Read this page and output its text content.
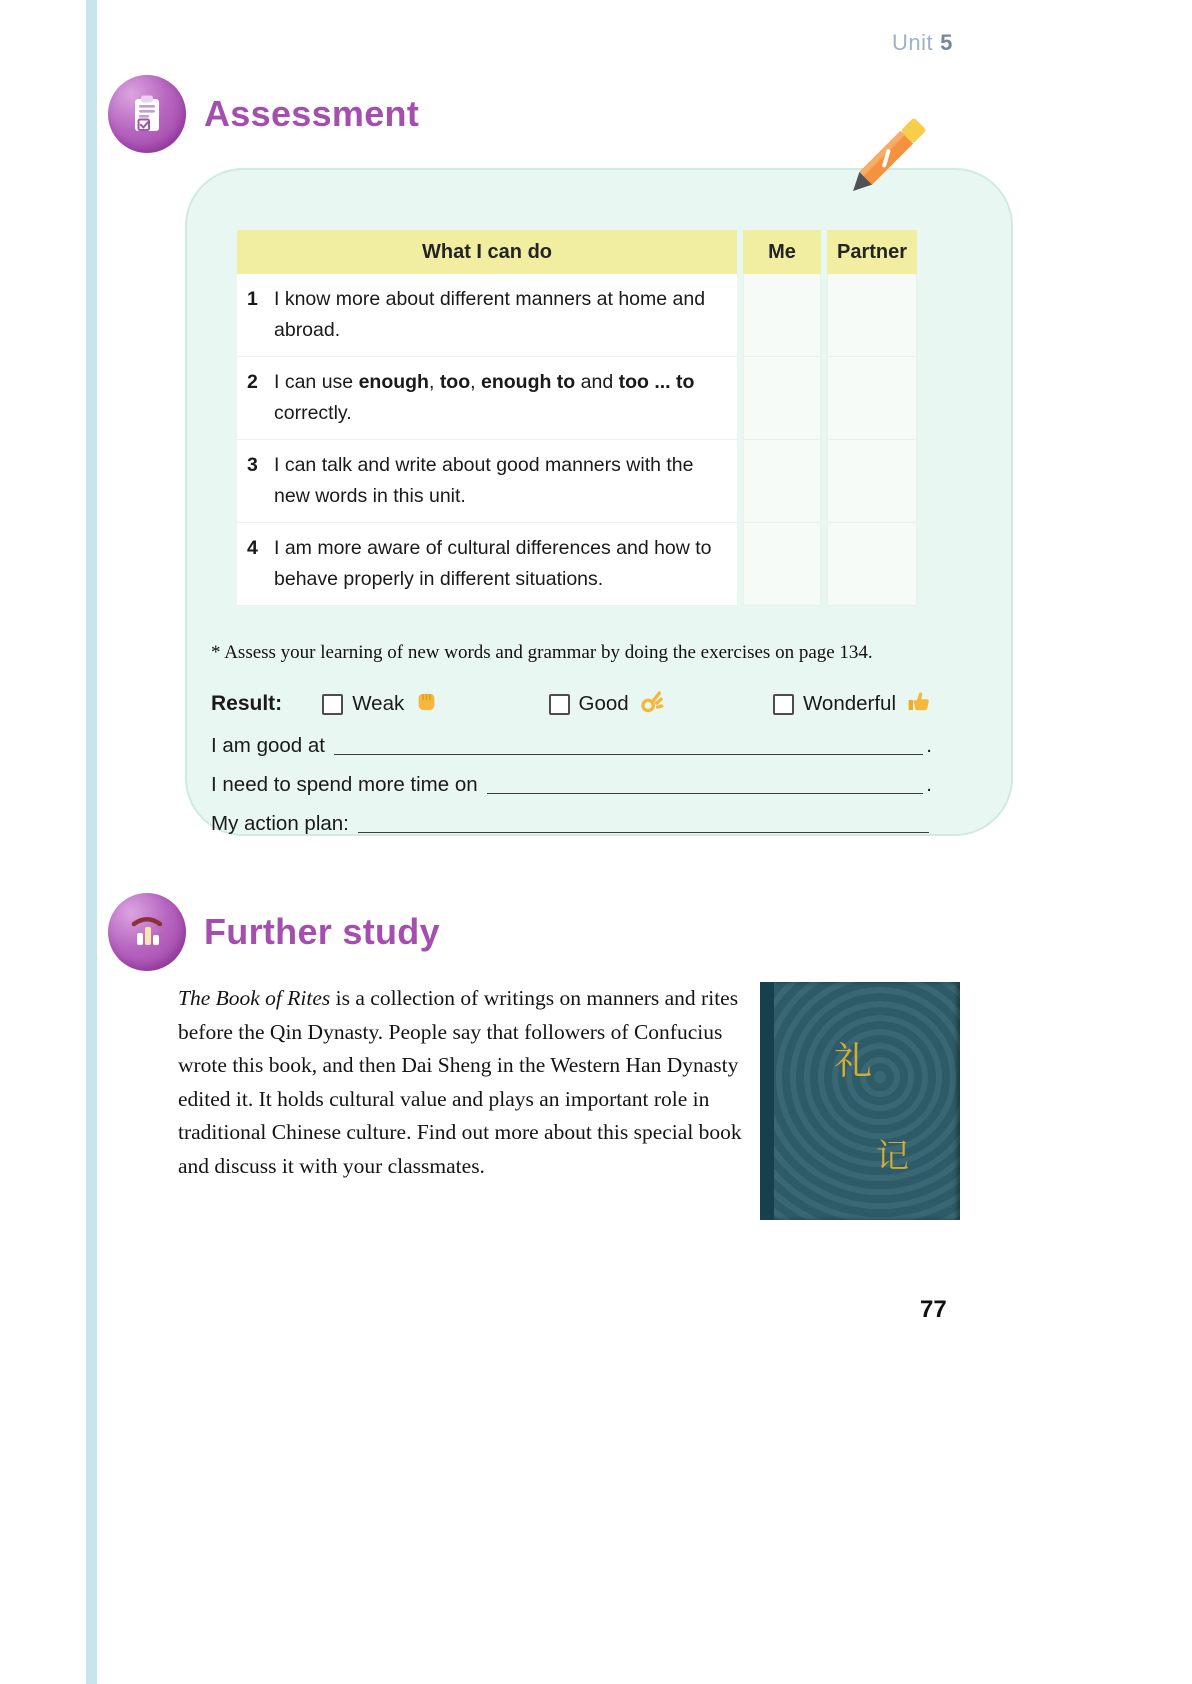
Unit 5
Assessment
What I can do	Me	Partner
1 I know more about different manners at home and abroad.
2 I can use enough, too, enough to and too ... to correctly.
3 I can talk and write about good manners with the new words in this unit.
4 I am more aware of cultural differences and how to behave properly in different situations.
* Assess your learning of new words and grammar by doing the exercises on page 134.
Result:	Weak	Good	Wonderful
I am good at	.
I need to spend more time on	.
My action plan:
Further study
The Book of Rites is a collection of writings on manners and rites before the Qin Dynasty. People say that followers of Confucius wrote this book, and then Dai Sheng in the Western Han Dynasty edited it. It holds cultural value and plays an important role in traditional Chinese culture. Find out more about this special book and discuss it with your classmates.
礼
记
77
